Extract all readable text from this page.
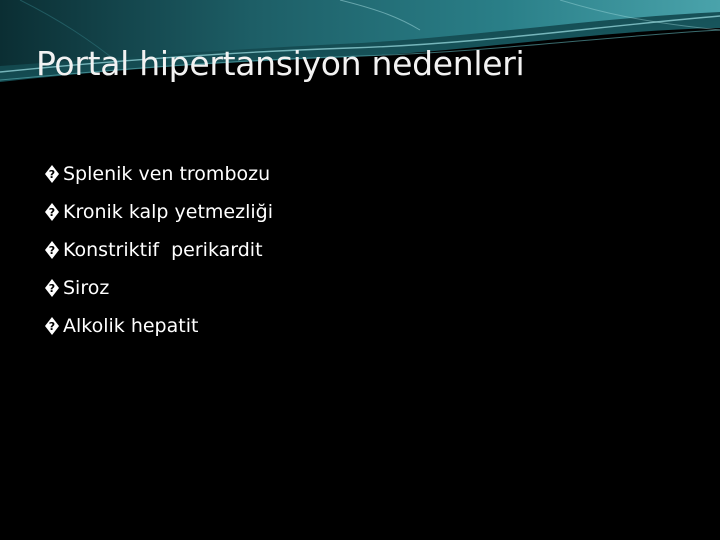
Portal hipertansiyon nedenleri
? Splenik ven trombozu
? Kronik kalp yetmezliği
? Konstriktif  perikardit
? Siroz
? Alkolik hepatit
